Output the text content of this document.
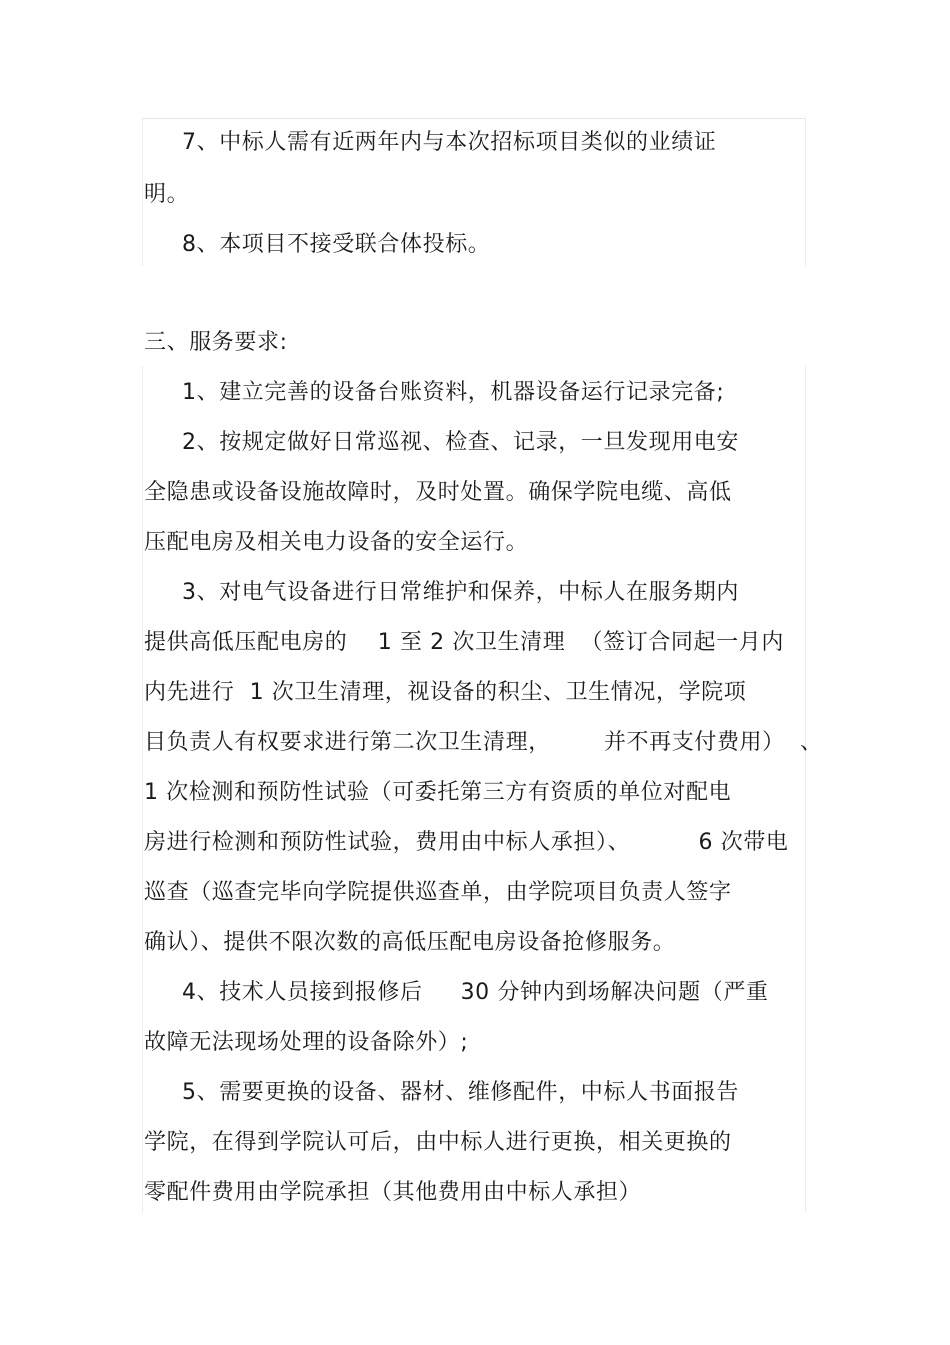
7、中标人需有近两年内与本次招标项目类似的业绩证
明。
8、本项目不接受联合体投标。
三、服务要求:
1、建立完善的设备台账资料，机器设备运行记录完备;
2、按规定做好日常巡视、检查、记录，一旦发现用电安
全隐患或设备设施故障时，及时处置。确保学院电缆、高低
压配电房及相关电力设备的安全运行。
3、对电气设备进行日常维护和保养，中标人在服务期内
提供高低压配电房的    1 至 2 次卫生清理  （签订合同起一月内
内先进行  1 次卫生清理，视设备的积尘、卫生情况，学院项
目负责人有权要求进行第二次卫生清理，       并不再支付费用）  、
1 次检测和预防性试验（可委托第三方有资质的单位对配电
房进行检测和预防性试验，费用由中标人承担）、         6 次带电
巡查（巡查完毕向学院提供巡查单，由学院项目负责人签字
确认）、提供不限次数的高低压配电房设备抢修服务。
4、技术人员接到报修后     30 分钟内到场解决问题（严重
故障无法现场处理的设备除外）;
5、需要更换的设备、器材、维修配件，中标人书面报告
学院，在得到学院认可后，由中标人进行更换，相关更换的
零配件费用由学院承担（其他费用由中标人承担）
